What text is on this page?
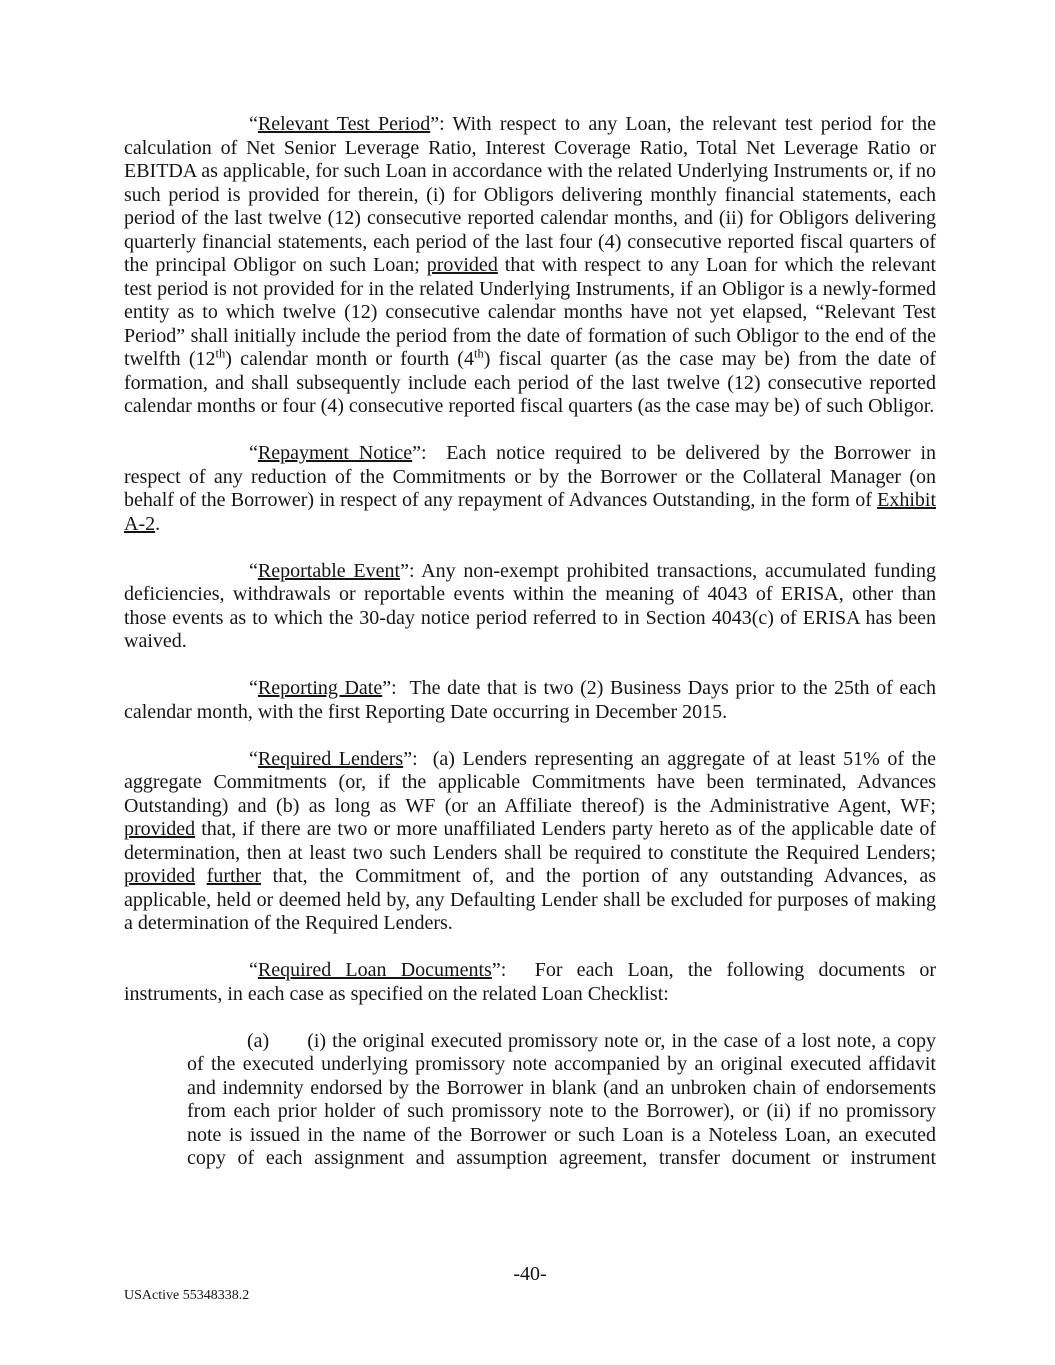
“Relevant Test Period”: With respect to any Loan, the relevant test period for the calculation of Net Senior Leverage Ratio, Interest Coverage Ratio, Total Net Leverage Ratio or EBITDA as applicable, for such Loan in accordance with the related Underlying Instruments or, if no such period is provided for therein, (i) for Obligors delivering monthly financial statements, each period of the last twelve (12) consecutive reported calendar months, and (ii) for Obligors delivering quarterly financial statements, each period of the last four (4) consecutive reported fiscal quarters of the principal Obligor on such Loan; provided that with respect to any Loan for which the relevant test period is not provided for in the related Underlying Instruments, if an Obligor is a newly-formed entity as to which twelve (12) consecutive calendar months have not yet elapsed, “Relevant Test Period” shall initially include the period from the date of formation of such Obligor to the end of the twelfth (12th) calendar month or fourth (4th) fiscal quarter (as the case may be) from the date of formation, and shall subsequently include each period of the last twelve (12) consecutive reported calendar months or four (4) consecutive reported fiscal quarters (as the case may be) of such Obligor.

“Repayment Notice”:  Each notice required to be delivered by the Borrower in respect of any reduction of the Commitments or by the Borrower or the Collateral Manager (on behalf of the Borrower) in respect of any repayment of Advances Outstanding, in the form of Exhibit A-2.

“Reportable Event”: Any non-exempt prohibited transactions, accumulated funding deficiencies, withdrawals or reportable events within the meaning of 4043 of ERISA, other than those events as to which the 30-day notice period referred to in Section 4043(c) of ERISA has been waived.

“Reporting Date”:  The date that is two (2) Business Days prior to the 25th of each calendar month, with the first Reporting Date occurring in December 2015.

“Required Lenders”:  (a) Lenders representing an aggregate of at least 51% of the aggregate Commitments (or, if the applicable Commitments have been terminated, Advances Outstanding) and (b) as long as WF (or an Affiliate thereof) is the Administrative Agent, WF; provided that, if there are two or more unaffiliated Lenders party hereto as of the applicable date of determination, then at least two such Lenders shall be required to constitute the Required Lenders; provided further that, the Commitment of, and the portion of any outstanding Advances, as applicable, held or deemed held by, any Defaulting Lender shall be excluded for purposes of making a determination of the Required Lenders.

“Required Loan Documents”:  For each Loan, the following documents or instruments, in each case as specified on the related Loan Checklist:

(a) (i) the original executed promissory note or, in the case of a lost note, a copy of the executed underlying promissory note accompanied by an original executed affidavit and indemnity endorsed by the Borrower in blank (and an unbroken chain of endorsements from each prior holder of such promissory note to the Borrower), or (ii) if no promissory note is issued in the name of the Borrower or such Loan is a Noteless Loan, an executed copy of each assignment and assumption agreement, transfer document or instrument

-40-
USActive 55348338.2
